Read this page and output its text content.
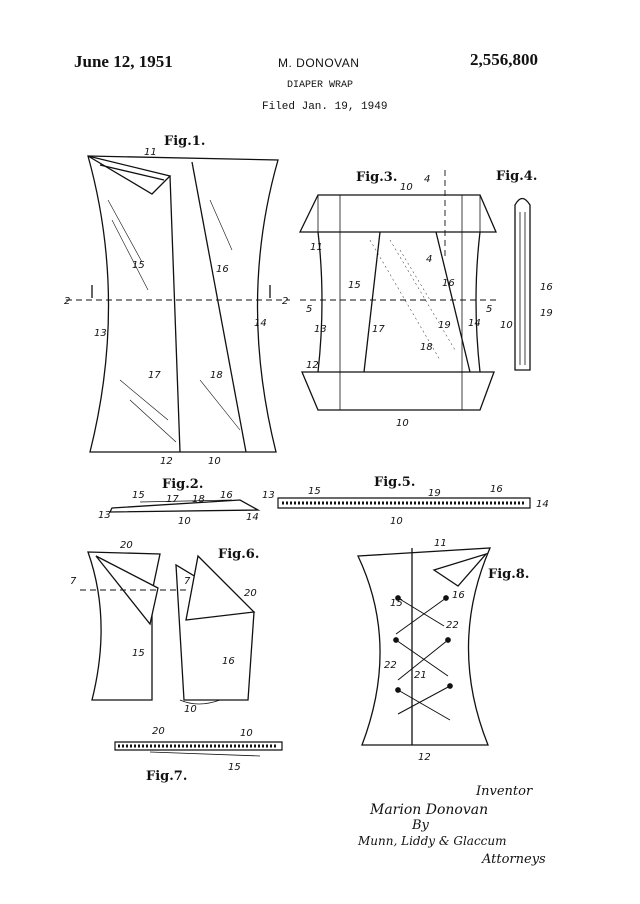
June 12, 1951	M. DONOVAN	2,556,800
DIAPER WRAP
Filed Jan. 19, 1949
Fig.1.
Fig.3.	Fig.4.
Fig.2.	Fig.5.
Fig.6.
Fig.7.
Fig.8.
11
2	2
13
14
15	16
17	18
12	10
10
4
4
11
15	16
5	5
13	17	19 14
18
12
10
16
19
10
15 17 18 16
13
10	14
13	15	19	16
14
10
20
20
7	7
15
16
10
20	10
15
11
15
16
22
22
21
12
Inventor
Marion Donovan
By
Munn, Liddy & Glaccum
Attorneys
